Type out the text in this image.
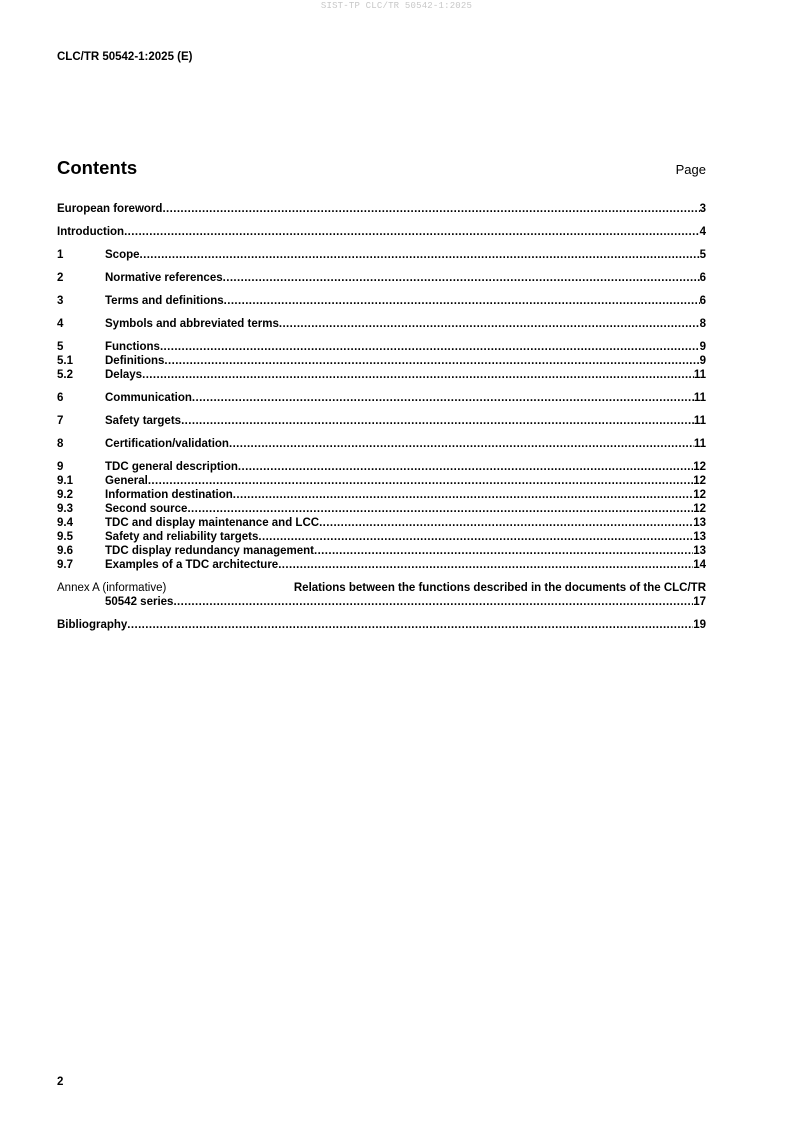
SIST-TP CLC/TR 50542-1:2025
CLC/TR 50542-1:2025 (E)
Contents	Page
European foreword .....	3
Introduction .....	4
1	Scope .....	5
2	Normative references .....	6
3	Terms and definitions .....	6
4	Symbols and abbreviated terms .....	8
5	Functions .....	9
5.1	Definitions .....	9
5.2	Delays .....	11
6	Communication .....	11
7	Safety targets .....	11
8	Certification/validation .....	11
9	TDC general description .....	12
9.1	General .....	12
9.2	Information destination .....	12
9.3	Second source .....	12
9.4	TDC and display maintenance and LCC .....	13
9.5	Safety and reliability targets .....	13
9.6	TDC display redundancy management .....	13
9.7	Examples of a TDC architecture .....	14
Annex A (informative)	Relations between the functions described in the documents of the CLC/TR
50542 series .....	17
Bibliography .....	19
2
